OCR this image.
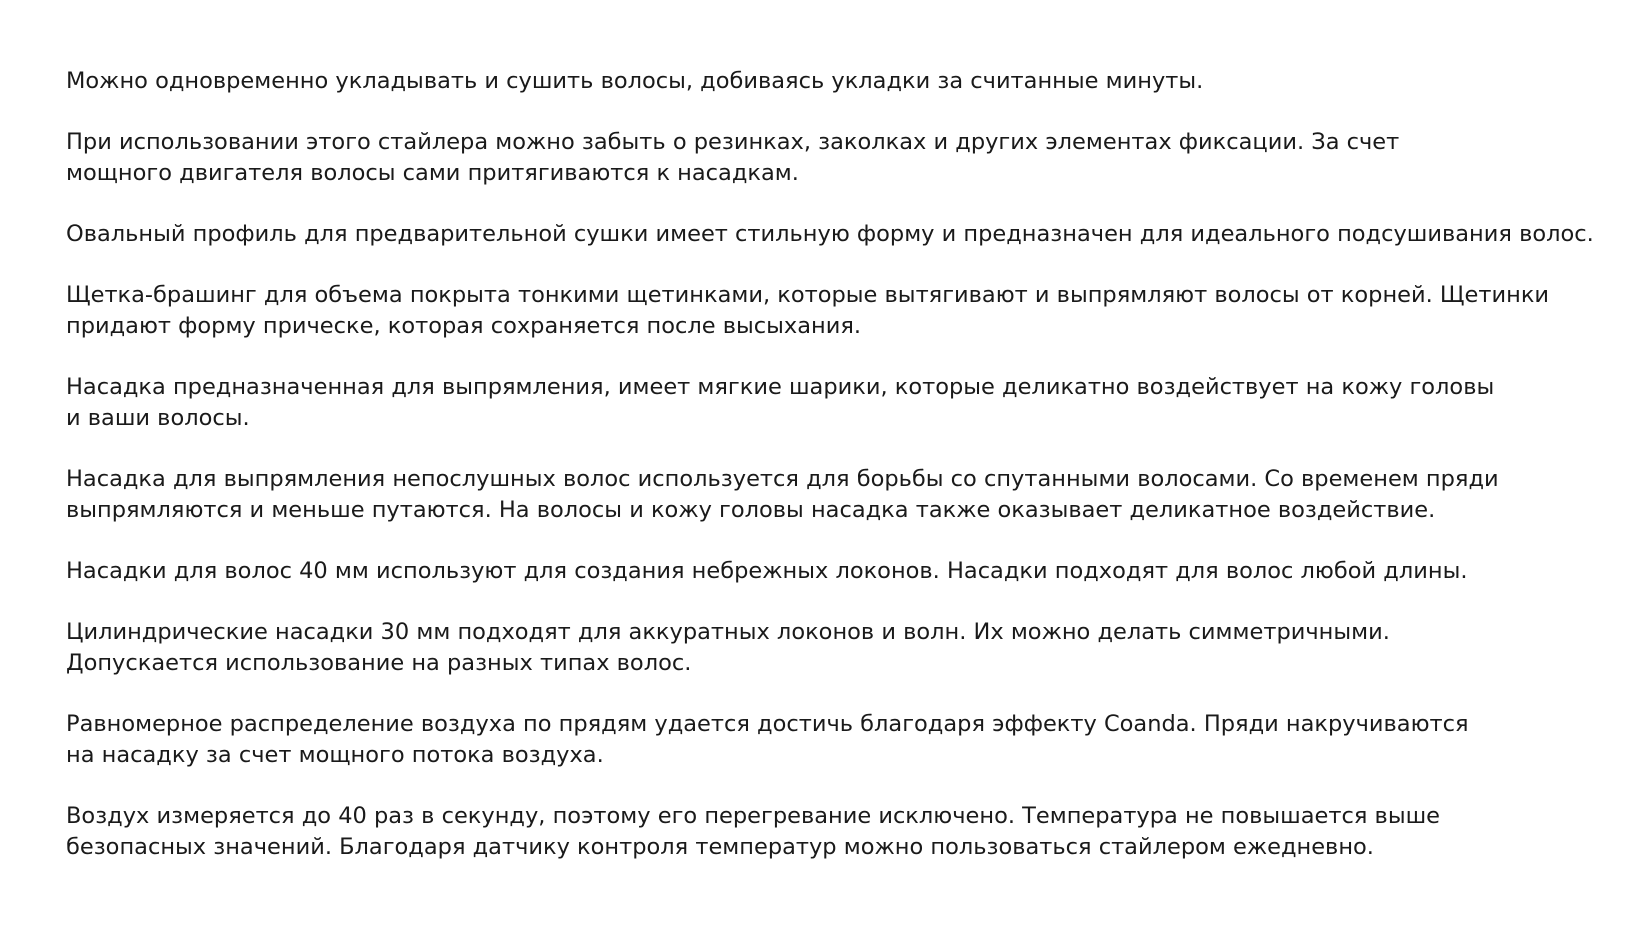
Можно одновременно укладывать и сушить волосы, добиваясь укладки за считанные минуты.

При использовании этого стайлера можно забыть о резинках, заколках и других элементах фиксации. За счет
мощного двигателя волосы сами притягиваются к насадкам.

Овальный профиль для предварительной сушки имеет стильную форму и предназначен для идеального подсушивания волос.

Щетка-брашинг для объема покрыта тонкими щетинками, которые вытягивают и выпрямляют волосы от корней. Щетинки
придают форму прическе, которая сохраняется после высыхания.

Насадка предназначенная для выпрямления, имеет мягкие шарики, которые деликатно воздействует на кожу головы
и ваши волосы.

Насадка для выпрямления непослушных волос используется для борьбы со спутанными волосами. Со временем пряди
выпрямляются и меньше путаются. На волосы и кожу головы насадка также оказывает деликатное воздействие.

Насадки для волос 40 мм используют для создания небрежных локонов. Насадки подходят для волос любой длины.

Цилиндрические насадки 30 мм подходят для аккуратных локонов и волн. Их можно делать симметричными.
Допускается использование на разных типах волос.

Равномерное распределение воздуха по прядям удается достичь благодаря эффекту Coanda. Пряди накручиваются
на насадку за счет мощного потока воздуха.

Воздух измеряется до 40 раз в секунду, поэтому его перегревание исключено. Температура не повышается выше
безопасных значений. Благодаря датчику контроля температур можно пользоваться стайлером ежедневно.
